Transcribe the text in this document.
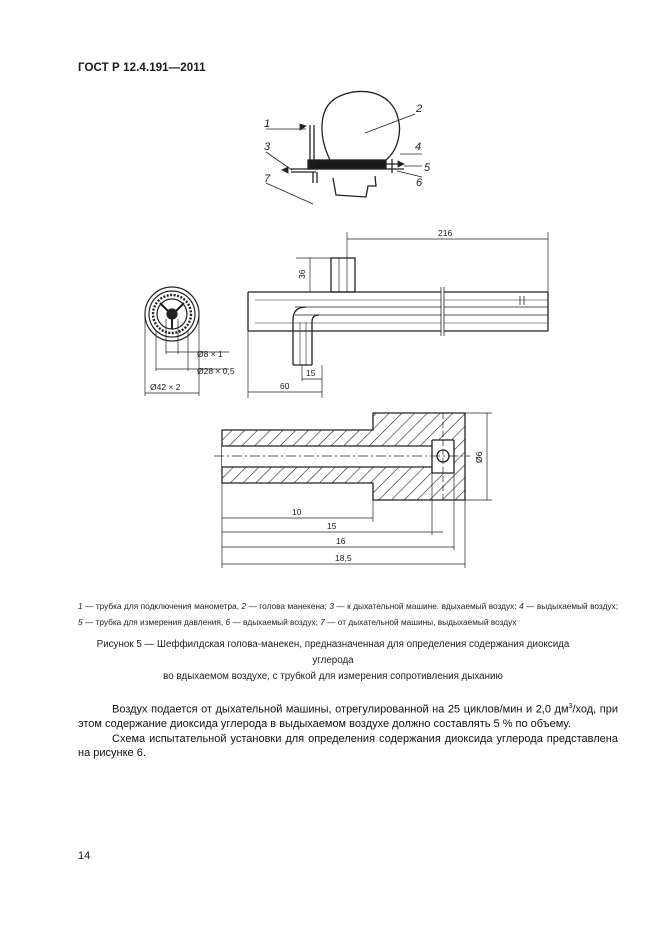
ГОСТ Р 12.4.191—2011
1
2
3	4
5
6
7
Ø8 × 1
Ø28 × 0,5
Ø42 × 2
216
36
60
15
Ø6
10
15
16
18,5
1 — трубка для подключения манометра, 2 — голова манекена; 3 — к дыхательной машине. вдыхаемый воздух; 4 — выдыхаемый воздух; 5 — трубка для измерения давления, 6 — вдыхаемый воздух; 7 — от дыхательной машины, выдыхаемый воздух
Рисунок 5 — Шеффилдская голова-манекен, предназначенная для определения содержания диоксида углерода
во вдыхаемом воздухе, с трубкой для измерения сопротивления дыханию

Воздух подается от дыхательной машины, отрегулированной на 25 циклов/мин и 2,0 $дм^3$/ход, при этом содержание диоксида углерода в выдыхаемом воздухе должно составлять 5 % по объему.

Схема испытательной установки для определения содержания диоксида углерода представлена на рисунке 6.

14
